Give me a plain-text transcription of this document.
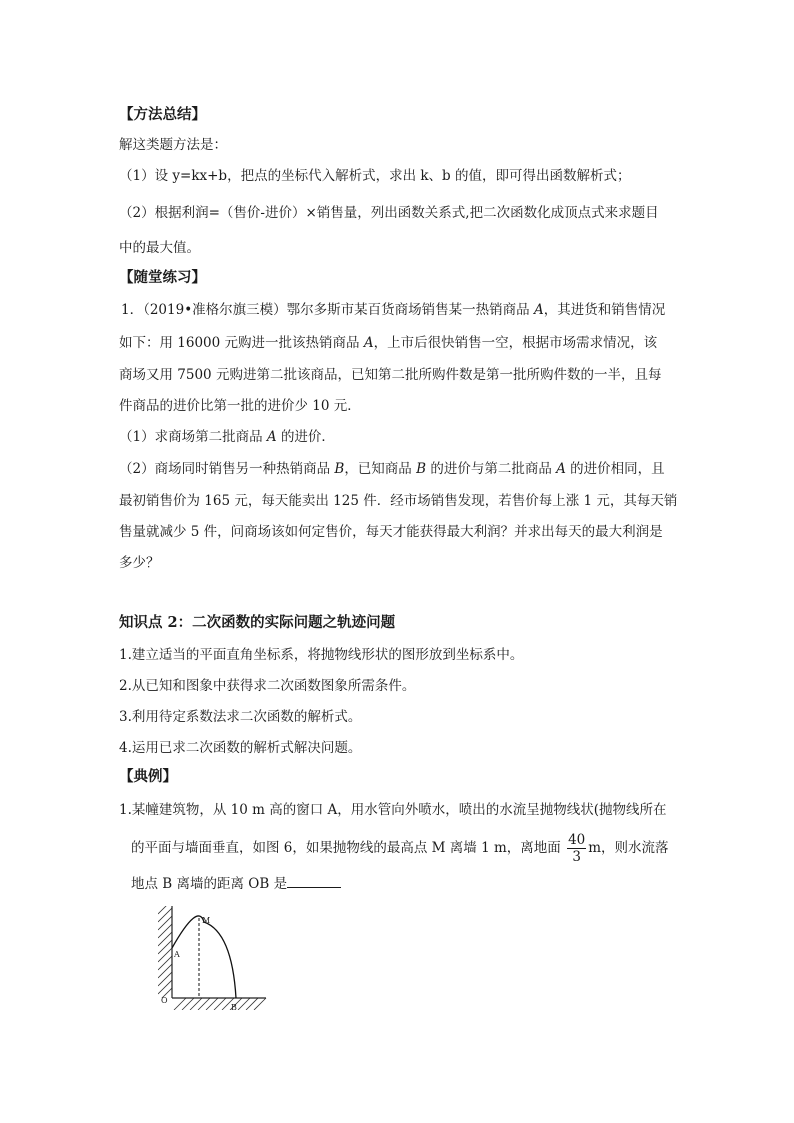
【方法总结】
解这类题方法是：
（1）设 y=kx+b，把点的坐标代入解析式，求出 k、b 的值，即可得出函数解析式；
（2）根据利润=（售价-进价）×销售量，列出函数关系式,把二次函数化成顶点式来求题目
中的最大值。
【随堂练习】
1．（2019•准格尔旗三模）鄂尔多斯市某百货商场销售某一热销商品 A，其进货和销售情况
如下：用 16000 元购进一批该热销商品 A，上市后很快销售一空，根据市场需求情况，该
商场又用 7500 元购进第二批该商品，已知第二批所购件数是第一批所购件数的一半，且每
件商品的进价比第一批的进价少 10 元．
（1）求商场第二批商品 A 的进价．
（2）商场同时销售另一种热销商品 B，已知商品 B 的进价与第二批商品 A 的进价相同，且
最初销售价为 165 元，每天能卖出 125 件．经市场销售发现，若售价每上涨 1 元，其每天销
售量就减少 5 件，问商场该如何定售价，每天才能获得最大利润？并求出每天的最大利润是
多少？
知识点 2：二次函数的实际问题之轨迹问题
1.建立适当的平面直角坐标系，将抛物线形状的图形放到坐标系中。
2.从已知和图象中获得求二次函数图象所需条件。
3.利用待定系数法求二次函数的解析式。
4.运用已求二次函数的解析式解决问题。
【典例】
1.某幢建筑物，从 10 m 高的窗口 A，用水管向外喷水，喷出的水流呈抛物线状(抛物线所在
的平面与墙面垂直，如图 6，如果抛物线的最高点 M 离墙 1 m，离地面 $\frac{40}{3}$ m，则水流落
地点 B 离墙的距离 OB 是
M
A
O
B
